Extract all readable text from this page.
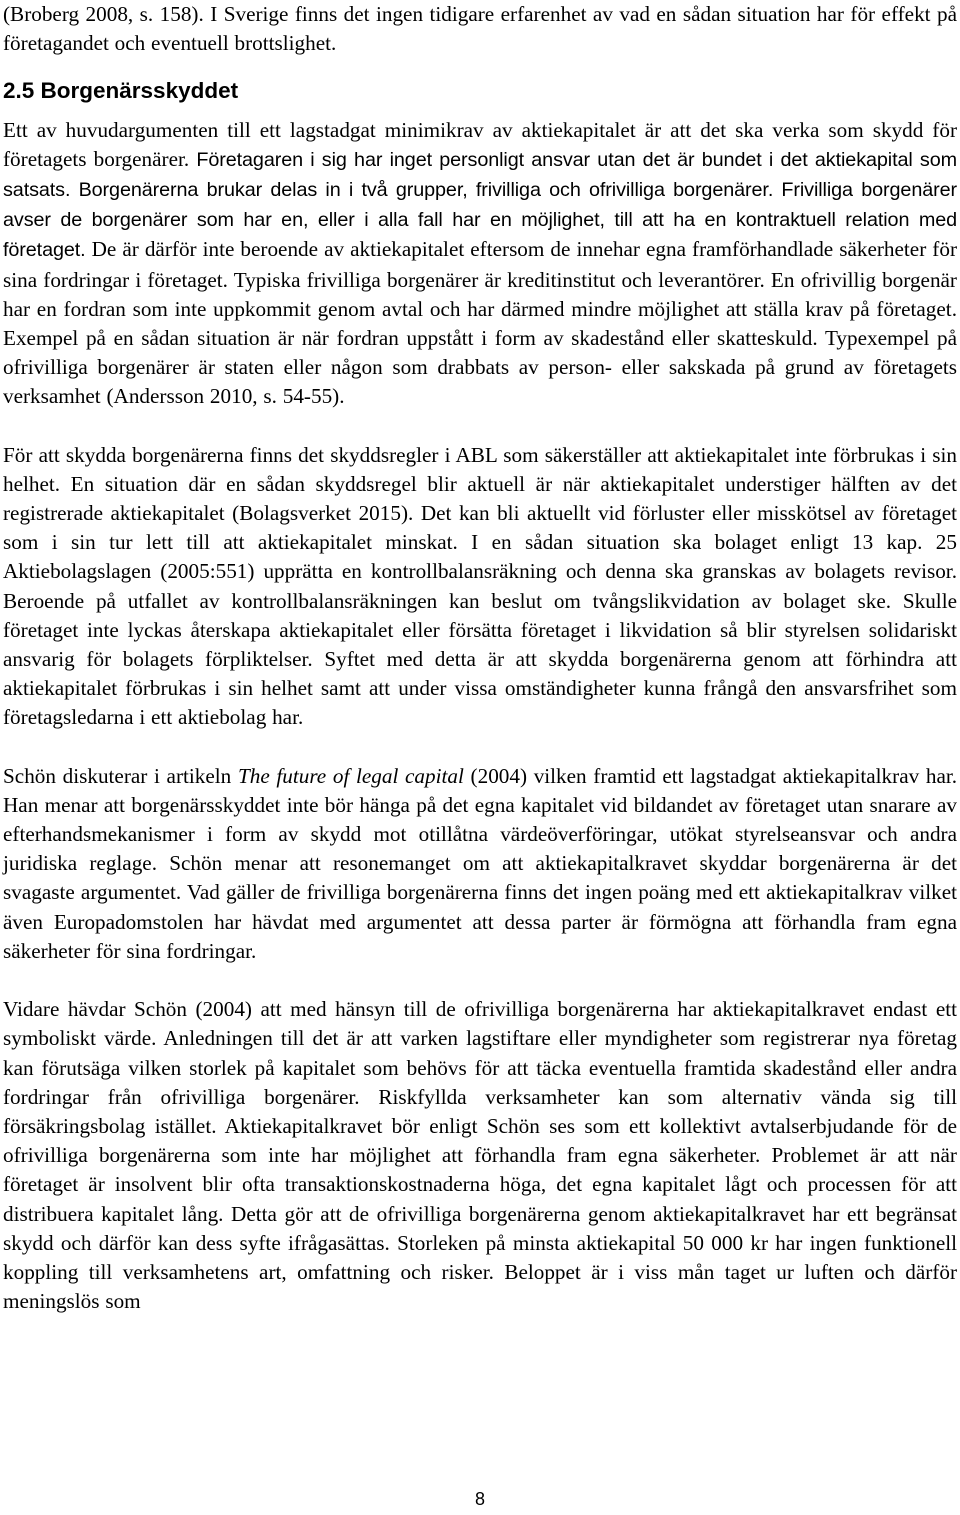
(Broberg 2008, s. 158). I Sverige finns det ingen tidigare erfarenhet av vad en sådan situation har för effekt på företagandet och eventuell brottslighet.

2.5 Borgenärsskyddet

Ett av huvudargumenten till ett lagstadgat minimikrav av aktiekapitalet är att det ska verka som skydd för företagets borgenärer. Företagaren i sig har inget personligt ansvar utan det är bundet i det aktiekapital som satsats. Borgenärerna brukar delas in i två grupper, frivilliga och ofrivilliga borgenärer. Frivilliga borgenärer avser de borgenärer som har en, eller i alla fall har en möjlighet, till att ha en kontraktuell relation med företaget. De är därför inte beroende av aktiekapitalet eftersom de innehar egna framförhandlade säkerheter för sina fordringar i företaget. Typiska frivilliga borgenärer är kreditinstitut och leverantörer. En ofrivillig borgenär har en fordran som inte uppkommit genom avtal och har därmed mindre möjlighet att ställa krav på företaget. Exempel på en sådan situation är när fordran uppstått i form av skadestånd eller skatteskuld. Typexempel på ofrivilliga borgenärer är staten eller någon som drabbats av person- eller sakskada på grund av företagets verksamhet (Andersson 2010, s. 54-55).

För att skydda borgenärerna finns det skyddsregler i ABL som säkerställer att aktiekapitalet inte förbrukas i sin helhet. En situation där en sådan skyddsregel blir aktuell är när aktiekapitalet understiger hälften av det registrerade aktiekapitalet (Bolagsverket 2015). Det kan bli aktuellt vid förluster eller misskötsel av företaget som i sin tur lett till att aktiekapitalet minskat. I en sådan situation ska bolaget enligt 13 kap. 25 Aktiebolagslagen (2005:551) upprätta en kontrollbalansräkning och denna ska granskas av bolagets revisor. Beroende på utfallet av kontrollbalansräkningen kan beslut om tvångslikvidation av bolaget ske. Skulle företaget inte lyckas återskapa aktiekapitalet eller försätta företaget i likvidation så blir styrelsen solidariskt ansvarig för bolagets förpliktelser. Syftet med detta är att skydda borgenärerna genom att förhindra att aktiekapitalet förbrukas i sin helhet samt att under vissa omständigheter kunna frångå den ansvarsfrihet som företagsledarna i ett aktiebolag har.

Schön diskuterar i artikeln The future of legal capital (2004) vilken framtid ett lagstadgat aktiekapitalkrav har. Han menar att borgenärsskyddet inte bör hänga på det egna kapitalet vid bildandet av företaget utan snarare av efterhandsmekanismer i form av skydd mot otillåtna värdeöverföringar, utökat styrelseansvar och andra juridiska reglage. Schön menar att resonemanget om att aktiekapitalkravet skyddar borgenärerna är det svagaste argumentet. Vad gäller de frivilliga borgenärerna finns det ingen poäng med ett aktiekapitalkrav vilket även Europadomstolen har hävdat med argumentet att dessa parter är förmögna att förhandla fram egna säkerheter för sina fordringar.

Vidare hävdar Schön (2004) att med hänsyn till de ofrivilliga borgenärerna har aktiekapitalkravet endast ett symboliskt värde. Anledningen till det är att varken lagstiftare eller myndigheter som registrerar nya företag kan förutsäga vilken storlek på kapitalet som behövs för att täcka eventuella framtida skadestånd eller andra fordringar från ofrivilliga borgenärer. Riskfyllda verksamheter kan som alternativ vända sig till försäkringsbolag istället. Aktiekapitalkravet bör enligt Schön ses som ett kollektivt avtalserbjudande för de ofrivilliga borgenärerna som inte har möjlighet att förhandla fram egna säkerheter. Problemet är att när företaget är insolvent blir ofta transaktionskostnaderna höga, det egna kapitalet lågt och processen för att distribuera kapitalet lång. Detta gör att de ofrivilliga borgenärerna genom aktiekapitalkravet har ett begränsat skydd och därför kan dess syfte ifrågasättas. Storleken på minsta aktiekapital 50 000 kr har ingen funktionell koppling till verksamhetens art, omfattning och risker. Beloppet är i viss mån taget ur luften och därför meningslös som

8
